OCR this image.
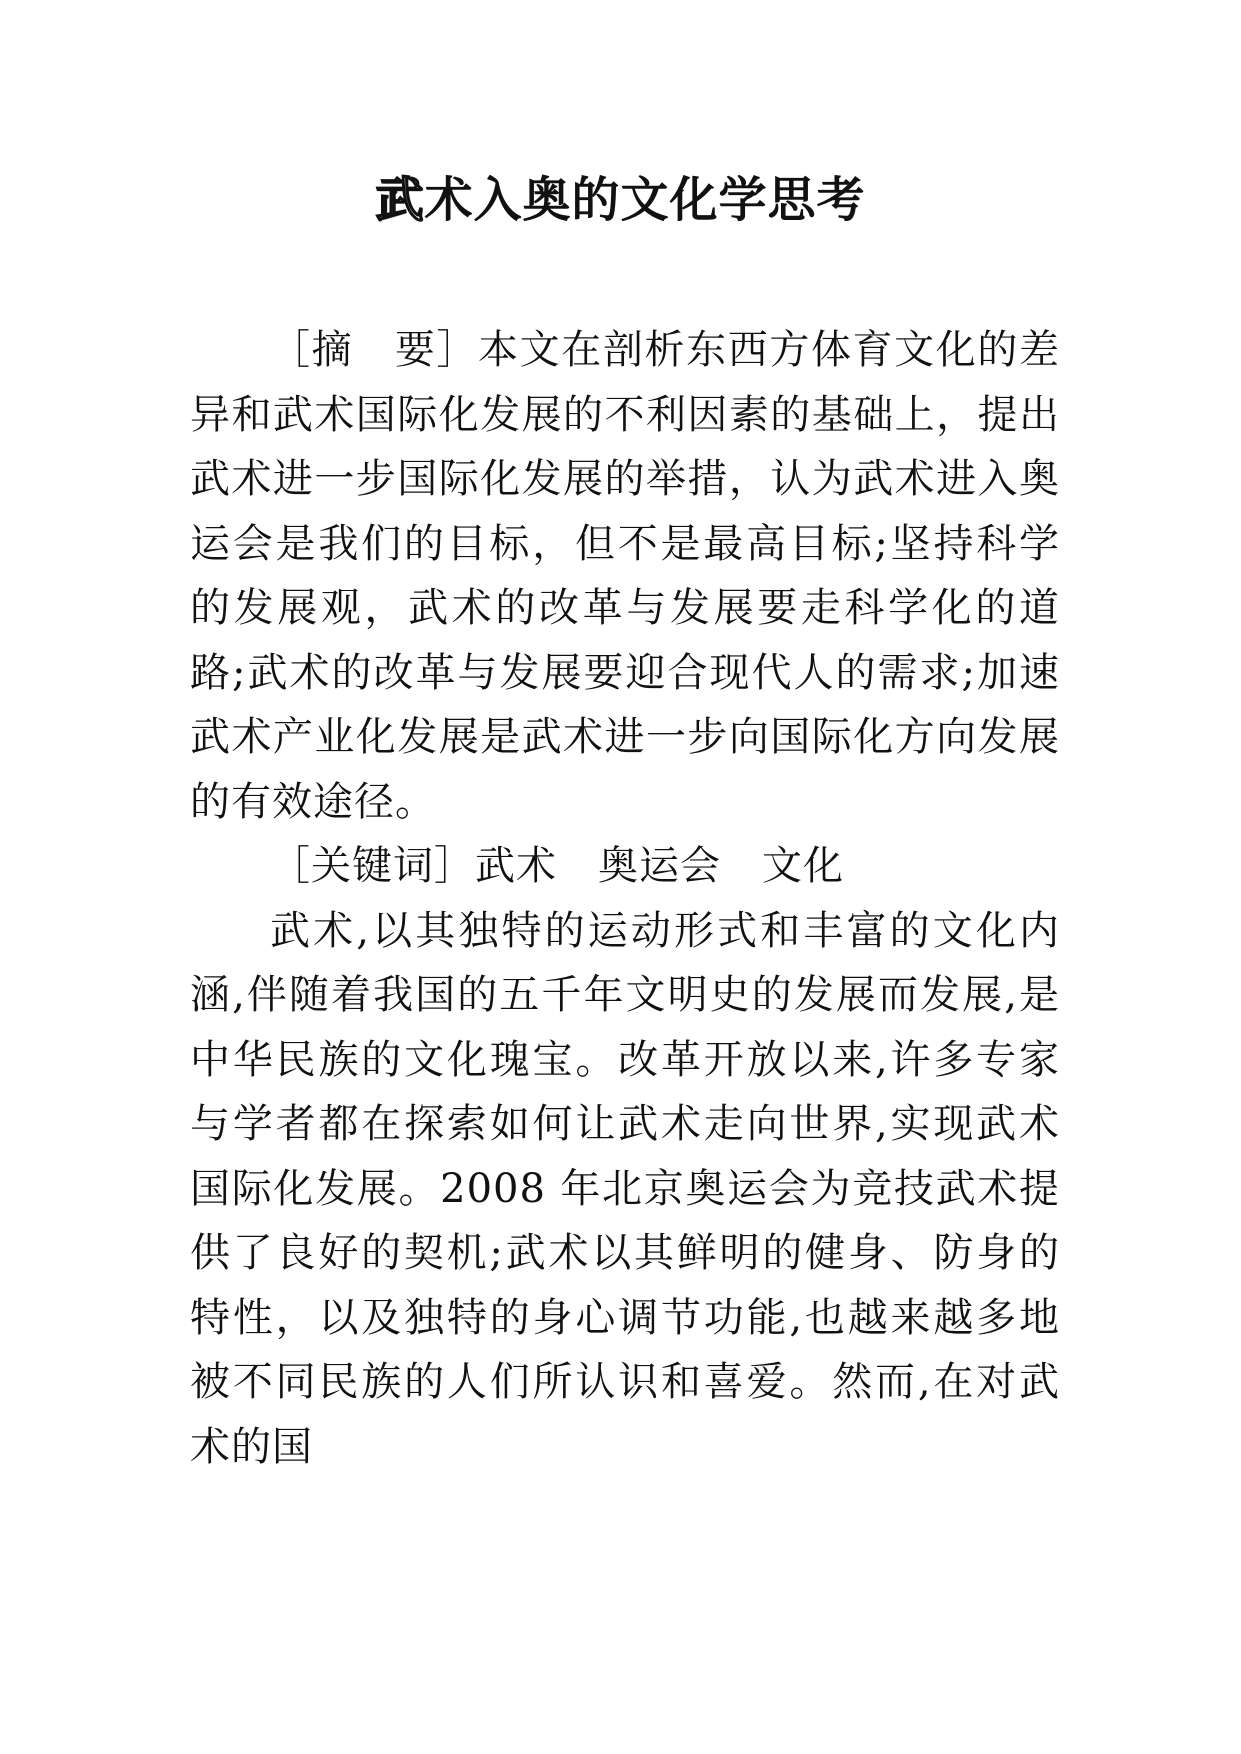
武术入奥的文化学思考

［摘　要］本文在剖析东西方体育文化的差异和武术国际化发展的不利因素的基础上，提出武术进一步国际化发展的举措，认为武术进入奥运会是我们的目标，但不是最高目标;坚持科学的发展观，武术的改革与发展要走科学化的道路;武术的改革与发展要迎合现代人的需求;加速武术产业化发展是武术进一步向国际化方向发展的有效途径。

［关键词］武术　奥运会　文化

武术,以其独特的运动形式和丰富的文化内涵,伴随着我国的五千年文明史的发展而发展,是中华民族的文化瑰宝。改革开放以来,许多专家与学者都在探索如何让武术走向世界,实现武术国际化发展。2008 年北京奥运会为竞技武术提供了良好的契机;武术以其鲜明的健身、防身的特性，以及独特的身心调节功能,也越来越多地被不同民族的人们所认识和喜爱。然而,在对武术的国
